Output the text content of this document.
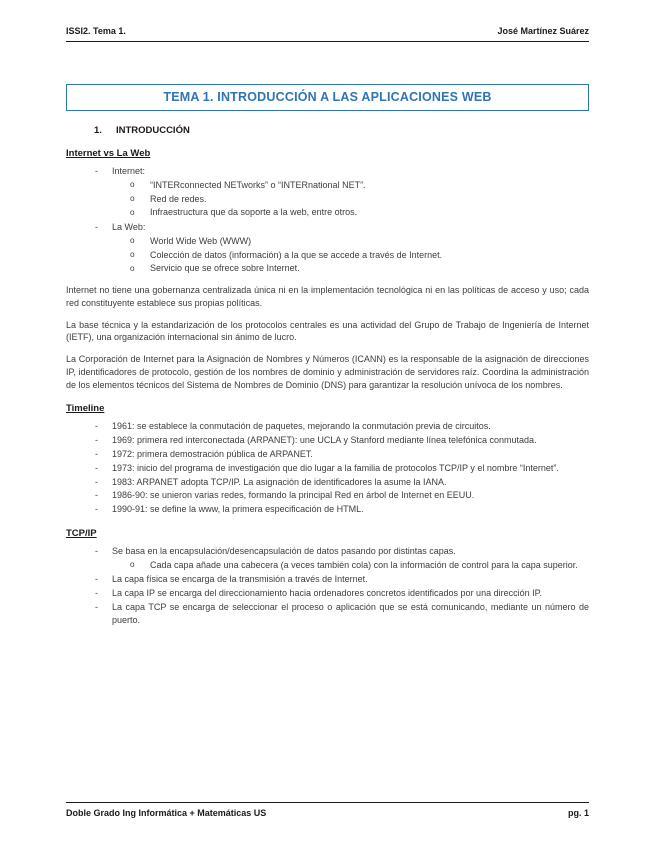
ISSI2. Tema 1.	José Martínez Suárez
TEMA 1. INTRODUCCIÓN A LAS APLICACIONES WEB
1. INTRODUCCIÓN
Internet vs La Web
- Internet:
o “INTERconnected NETworks” o “INTERnational NET”.
o Red de redes.
o Infraestructura que da soporte a la web, entre otros.
- La Web:
o World Wide Web (WWW)
o Colección de datos (información) a la que se accede a través de Internet.
o Servicio que se ofrece sobre Internet.

Internet no tiene una gobernanza centralizada única ni en la implementación tecnológica ni en las políticas de acceso y uso; cada red constituyente establece sus propias políticas.

La base técnica y la estandarización de los protocolos centrales es una actividad del Grupo de Trabajo de Ingeniería de Internet (IETF), una organización internacional sin ánimo de lucro.

La Corporación de Internet para la Asignación de Nombres y Números (ICANN) es la responsable de la asignación de direcciones IP, identificadores de protocolo, gestión de los nombres de dominio y administración de servidores raíz. Coordina la administración de los elementos técnicos del Sistema de Nombres de Dominio (DNS) para garantizar la resolución unívoca de los nombres.

Timeline
- 1961: se establece la conmutación de paquetes, mejorando la conmutación previa de circuitos.
- 1969: primera red interconectada (ARPANET): une UCLA y Stanford mediante línea telefónica conmutada.
- 1972: primera demostración pública de ARPANET.
- 1973: inicio del programa de investigación que dio lugar a la familia de protocolos TCP/IP y el nombre “Internet”.
- 1983: ARPANET adopta TCP/IP. La asignación de identificadores la asume la IANA.
- 1986-90: se unieron varias redes, formando la principal Red en árbol de Internet en EEUU.
- 1990-91: se define la www, la primera especificación de HTML.
TCP/IP
- Se basa en la encapsulación/desencapsulación de datos pasando por distintas capas.
o Cada capa añade una cabecera (a veces también cola) con la información de control para la capa superior.
- La capa física se encarga de la transmisión a través de Internet.
- La capa IP se encarga del direccionamiento hacia ordenadores concretos identificados por una dirección IP.
- La capa TCP se encarga de seleccionar el proceso o aplicación que se está comunicando, mediante un número de puerto.
Doble Grado Ing Informática + Matemáticas US	pg. 1
